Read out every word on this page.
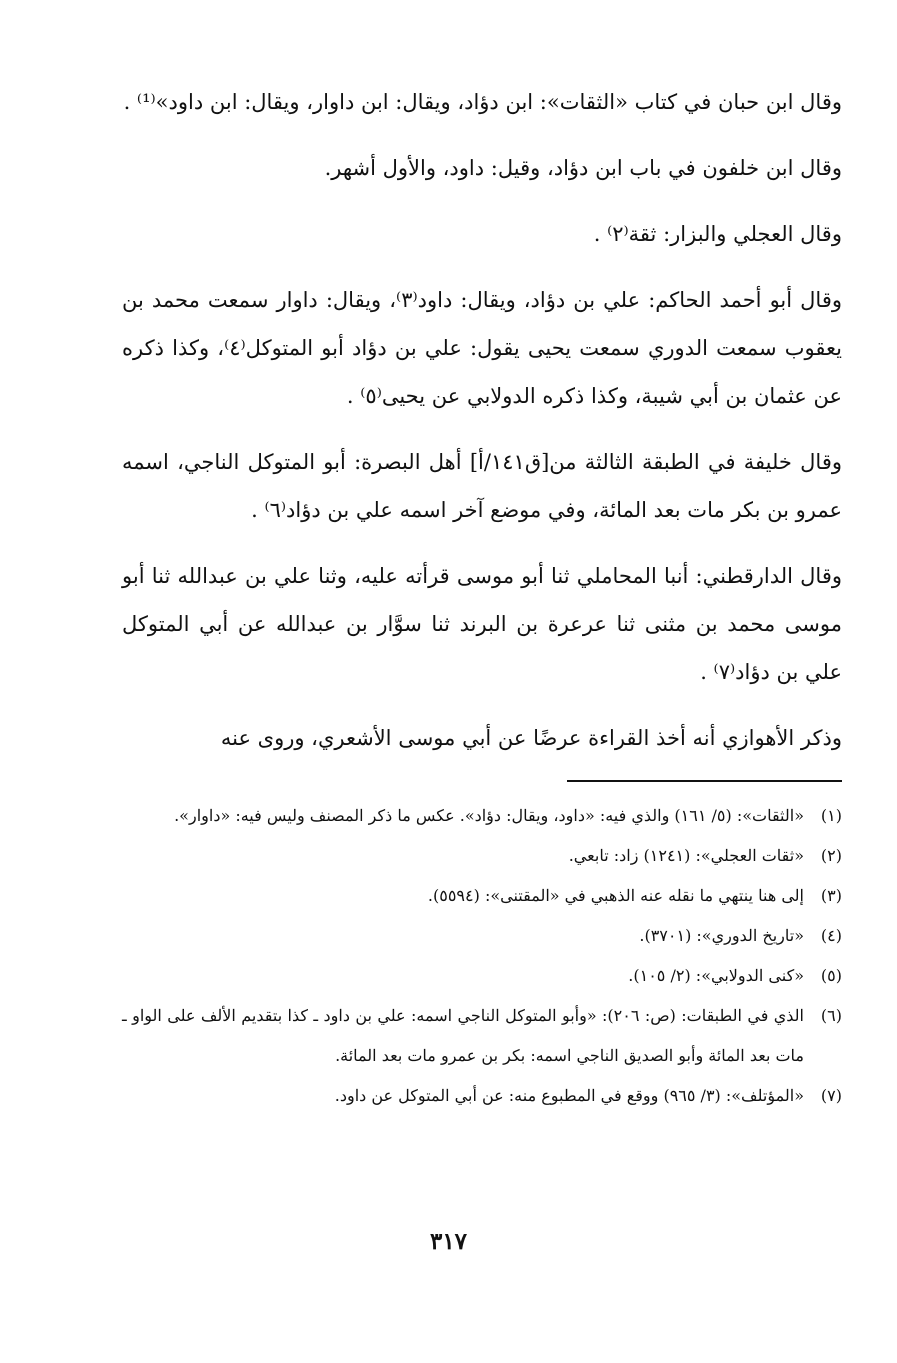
وقال ابن حبان في كتاب «الثقات»: ابن دؤاد، ويقال: ابن داوار، ويقال: ابن داود»⁽¹⁾ .

وقال ابن خلفون في باب ابن دؤاد، وقيل: داود، والأول أشهر.

وقال العجلي والبزار: ثقة⁽٢⁾ .

وقال أبو أحمد الحاكم: علي بن دؤاد، ويقال: داود⁽٣⁾، ويقال: داوار سمعت محمد بن يعقوب سمعت الدوري سمعت يحيى يقول: علي بن دؤاد أبو المتوكل⁽٤⁾، وكذا ذكره عن عثمان بن أبي شيبة، وكذا ذكره الدولابي عن يحيى⁽٥⁾ .

وقال خليفة في الطبقة الثالثة من[ق١٤١/أ] أهل البصرة: أبو المتوكل الناجي، اسمه عمرو بن بكر مات بعد المائة، وفي موضع آخر اسمه علي بن دؤاد⁽٦⁾ .

وقال الدارقطني: أنبا المحاملي ثنا أبو موسى قرأته عليه، وثنا علي بن عبدالله ثنا أبو موسى محمد بن مثنى ثنا عرعرة بن البرند ثنا سوَّار بن عبدالله عن أبي المتوكل علي بن دؤاد⁽٧⁾ .

وذكر الأهوازي أنه أخذ القراءة عرضًا عن أبي موسى الأشعري، وروى عنه

(١)
«الثقات»: (٥/ ١٦١) والذي فيه: «داود، ويقال: دؤاد». عكس ما ذكر المصنف وليس فيه: «داوار».
(٢)
«ثقات العجلي»: (١٢٤١) زاد: تابعي.
(٣)
إلى هنا ينتهي ما نقله عنه الذهبي في «المقتنى»: (٥٥٩٤).
(٤)
«تاريخ الدوري»: (٣٧٠١).
(٥)
«كنى الدولابي»: (٢/ ١٠٥).
(٦)
الذي في الطبقات: (ص: ٢٠٦): «وأبو المتوكل الناجي اسمه: علي بن داود ـ كذا بتقديم الألف على الواو ـ مات بعد المائة وأبو الصديق الناجي اسمه: بكر بن عمرو مات بعد المائة.
(٧)
«المؤتلف»: (٣/ ٩٦٥) ووقع في المطبوع منه: عن أبي المتوكل عن داود.
٣١٧
